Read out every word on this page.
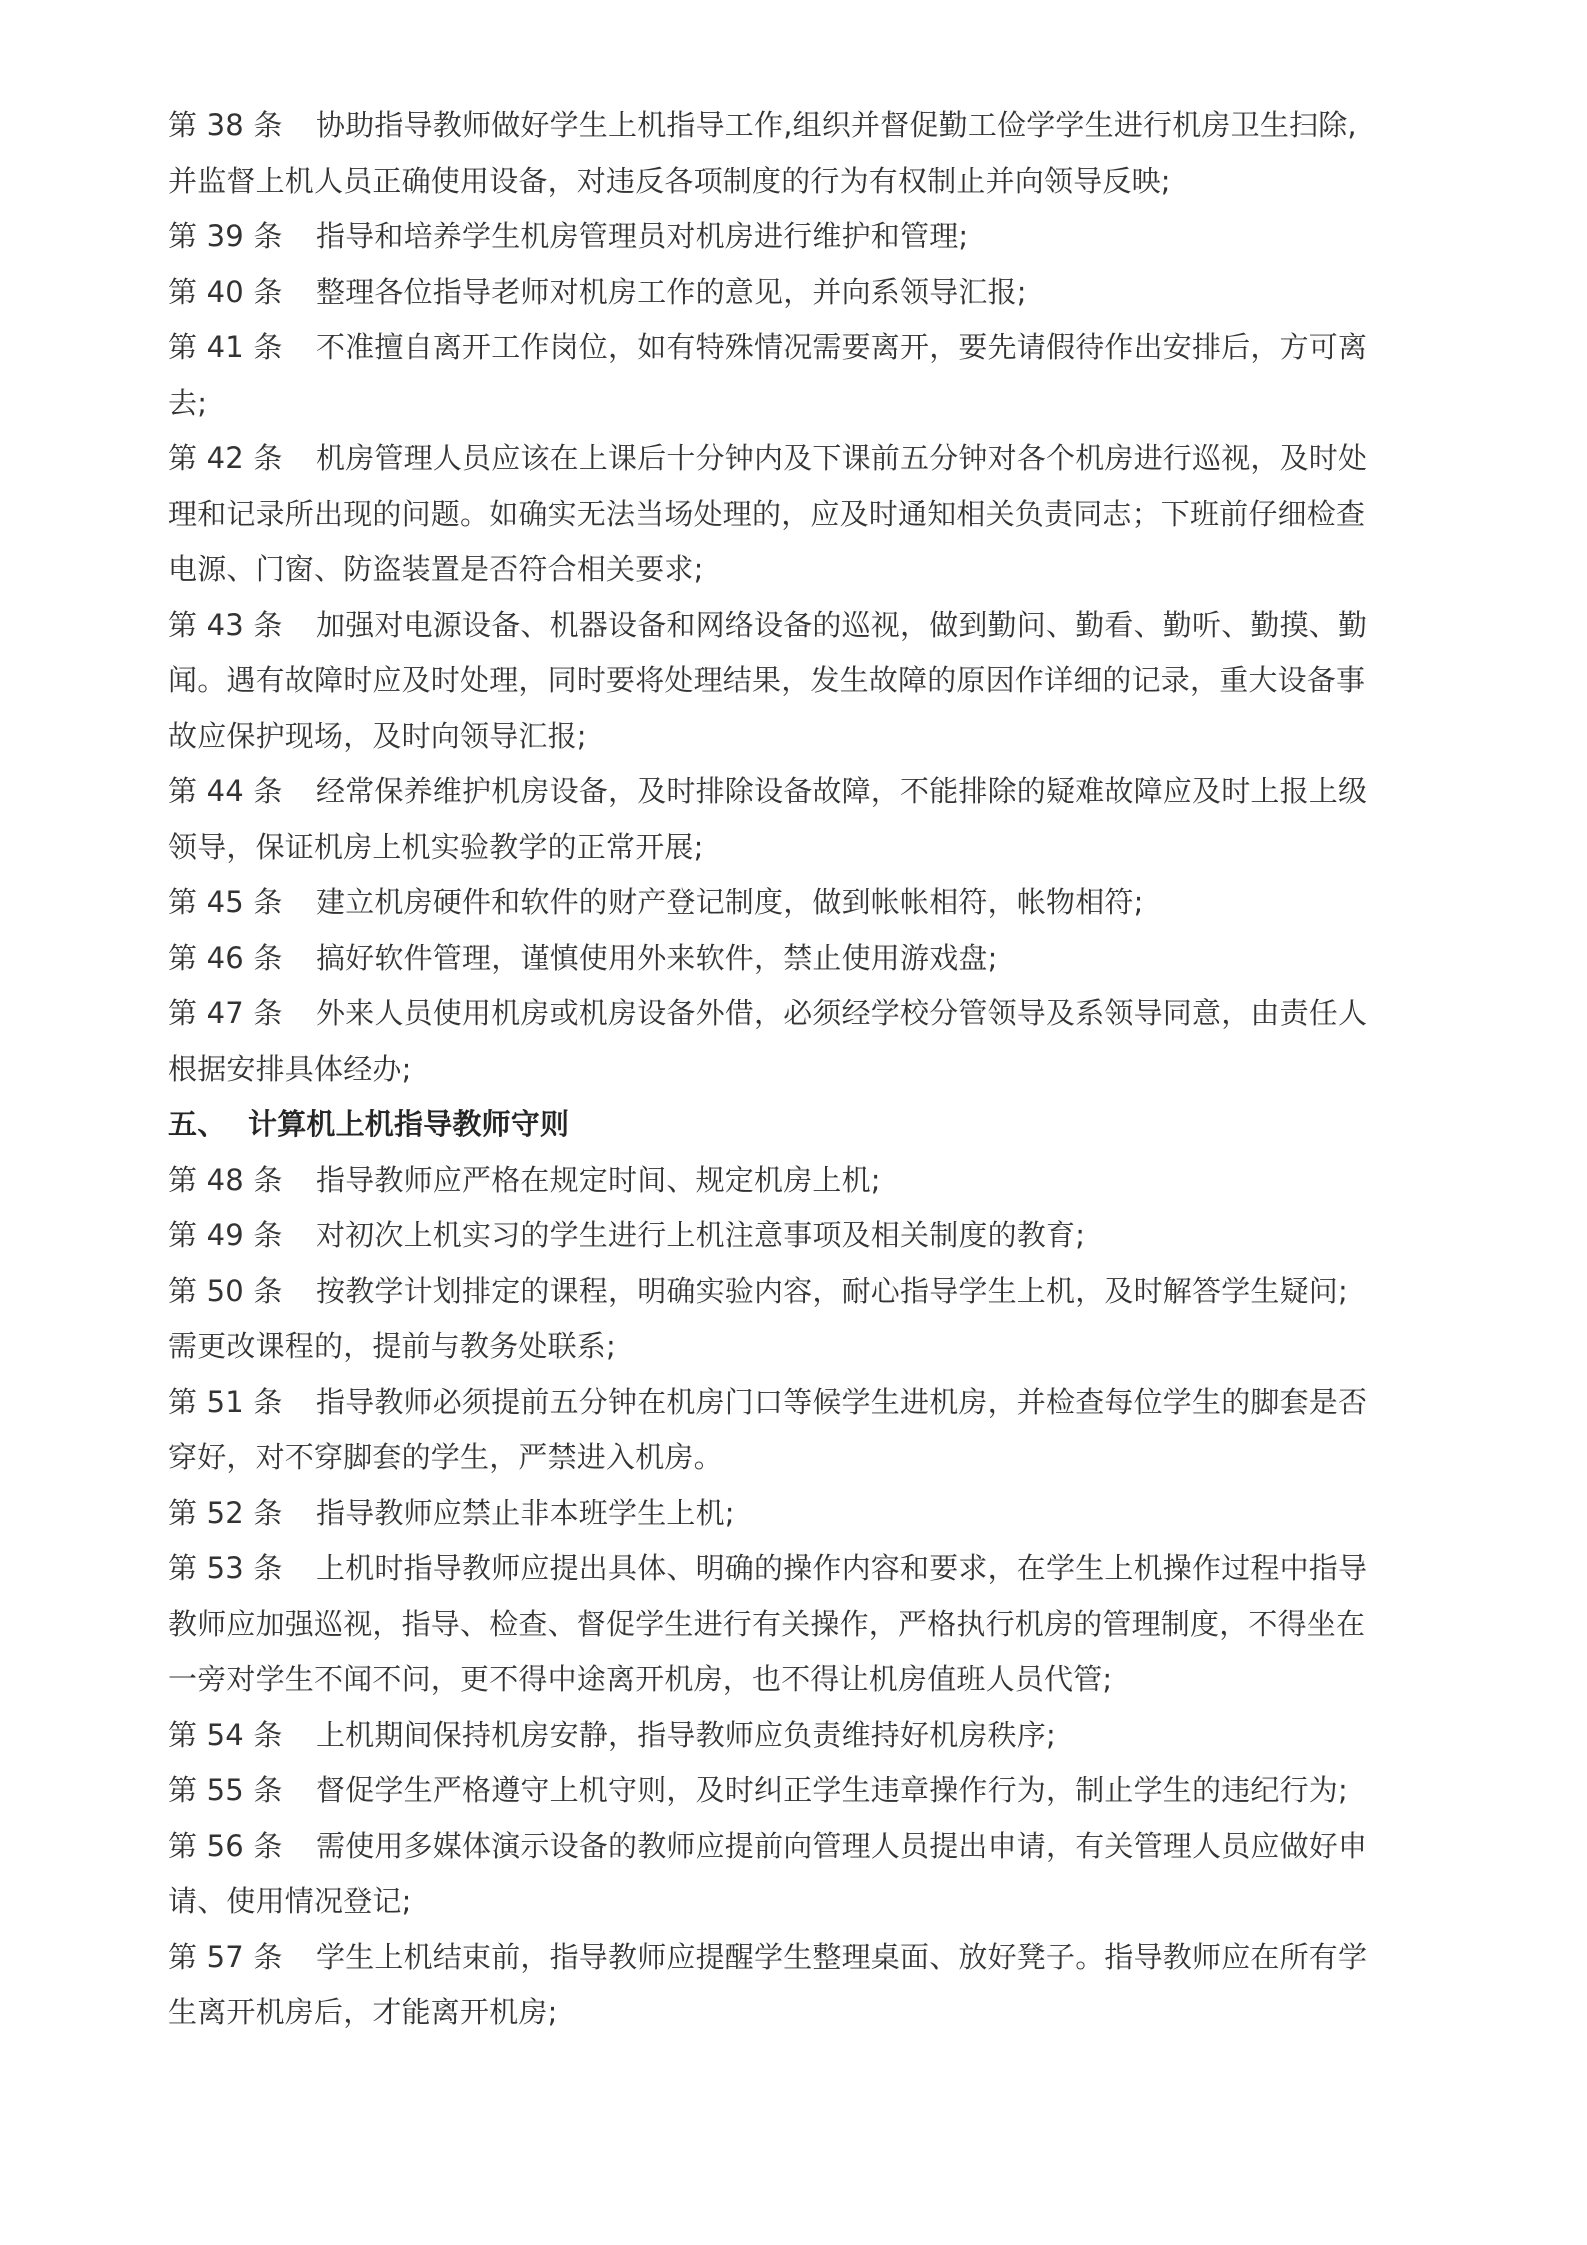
第 38 条 协助指导教师做好学生上机指导工作,组织并督促勤工俭学学生进行机房卫生扫除,
并监督上机人员正确使用设备，对违反各项制度的行为有权制止并向领导反映;
第 39 条 指导和培养学生机房管理员对机房进行维护和管理;
第 40 条 整理各位指导老师对机房工作的意见，并向系领导汇报;
第 41 条 不准擅自离开工作岗位，如有特殊情况需要离开，要先请假待作出安排后，方可离
去;
第 42 条 机房管理人员应该在上课后十分钟内及下课前五分钟对各个机房进行巡视，及时处
理和记录所出现的问题。如确实无法当场处理的，应及时通知相关负责同志；下班前仔细检查
电源、门窗、防盗装置是否符合相关要求;
第 43 条 加强对电源设备、机器设备和网络设备的巡视，做到勤问、勤看、勤听、勤摸、勤
闻。遇有故障时应及时处理，同时要将处理结果，发生故障的原因作详细的记录，重大设备事
故应保护现场，及时向领导汇报;
第 44 条 经常保养维护机房设备，及时排除设备故障，不能排除的疑难故障应及时上报上级
领导，保证机房上机实验教学的正常开展;
第 45 条 建立机房硬件和软件的财产登记制度，做到帐帐相符，帐物相符;
第 46 条 搞好软件管理，谨慎使用外来软件，禁止使用游戏盘;
第 47 条 外来人员使用机房或机房设备外借，必须经学校分管领导及系领导同意，由责任人
根据安排具体经办;
五、 计算机上机指导教师守则
第 48 条 指导教师应严格在规定时间、规定机房上机;
第 49 条 对初次上机实习的学生进行上机注意事项及相关制度的教育;
第 50 条 按教学计划排定的课程，明确实验内容，耐心指导学生上机，及时解答学生疑问;
需更改课程的，提前与教务处联系;
第 51 条 指导教师必须提前五分钟在机房门口等候学生进机房，并检查每位学生的脚套是否
穿好，对不穿脚套的学生，严禁进入机房。
第 52 条 指导教师应禁止非本班学生上机;
第 53 条 上机时指导教师应提出具体、明确的操作内容和要求，在学生上机操作过程中指导
教师应加强巡视，指导、检查、督促学生进行有关操作，严格执行机房的管理制度，不得坐在
一旁对学生不闻不问，更不得中途离开机房，也不得让机房值班人员代管;
第 54 条 上机期间保持机房安静，指导教师应负责维持好机房秩序;
第 55 条 督促学生严格遵守上机守则，及时纠正学生违章操作行为，制止学生的违纪行为;
第 56 条 需使用多媒体演示设备的教师应提前向管理人员提出申请，有关管理人员应做好申
请、使用情况登记;
第 57 条 学生上机结束前，指导教师应提醒学生整理桌面、放好凳子。指导教师应在所有学
生离开机房后，才能离开机房;
